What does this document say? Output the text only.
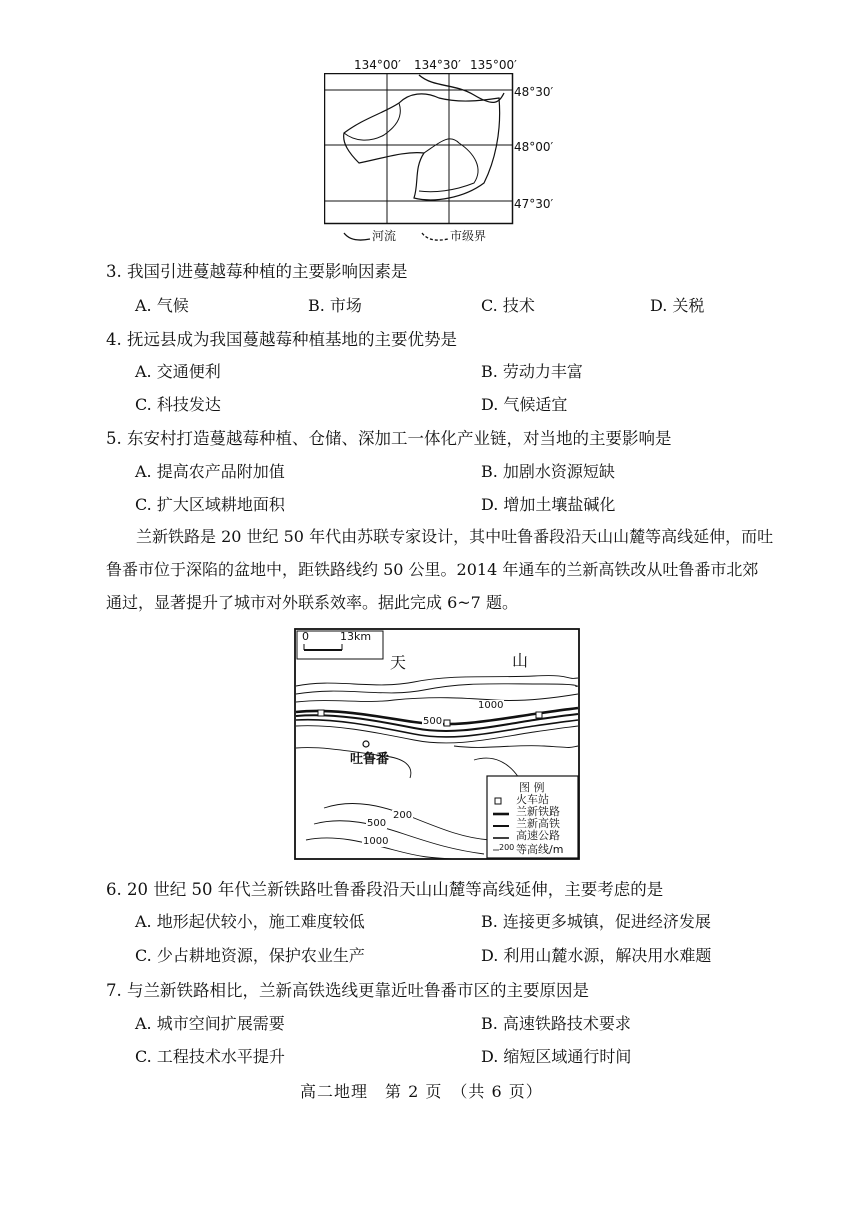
134°00′ 134°30′ 135°00′
48°30′
48°00′
47°30′
河流	市级界
3. 我国引进蔓越莓种植的主要影响因素是
A. 气候	B. 市场	C. 技术	D. 关税
4. 抚远县成为我国蔓越莓种植基地的主要优势是
A. 交通便利	B. 劳动力丰富
C. 科技发达	D. 气候适宜
5. 东安村打造蔓越莓种植、仓储、深加工一体化产业链，对当地的主要影响是
A. 提高农产品附加值	B. 加剧水资源短缺
C. 扩大区域耕地面积	D. 增加土壤盐碱化
兰新铁路是 20 世纪 50 年代由苏联专家设计，其中吐鲁番段沿天山山麓等高线延伸，而吐
鲁番市位于深陷的盆地中，距铁路线约 50 公里。2014 年通车的兰新高铁改从吐鲁番市北郊
通过，显著提升了城市对外联系效率。据此完成 6~7 题。
0	13km
天	山
1000
500
吐鲁番
200
500
1000
图 例
火车站
兰新铁路
兰新高铁
高速公路
200 等高线/m
6. 20 世纪 50 年代兰新铁路吐鲁番段沿天山山麓等高线延伸，主要考虑的是
A. 地形起伏较小，施工难度较低	B. 连接更多城镇，促进经济发展
C. 少占耕地资源，保护农业生产	D. 利用山麓水源，解决用水难题
7. 与兰新铁路相比，兰新高铁选线更靠近吐鲁番市区的主要原因是
A. 城市空间扩展需要	B. 高速铁路技术要求
C. 工程技术水平提升	D. 缩短区域通行时间
高二地理　第 2 页　（共 6 页）
